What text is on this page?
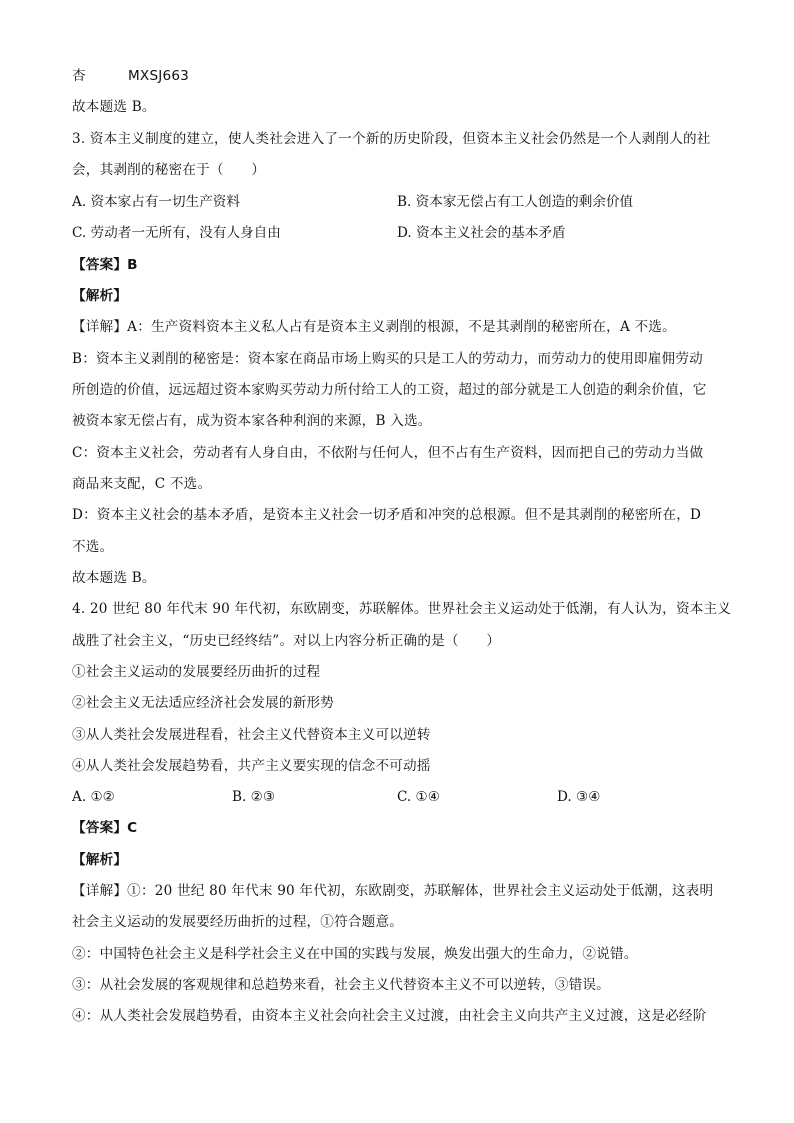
杏	MXSJ663
故本题选 B。
3. 资本主义制度的建立，使人类社会进入了一个新的历史阶段，但资本主义社会仍然是一个人剥削人的社
会，其剥削的秘密在于（　　）
A. 资本家占有一切生产资料	B. 资本家无偿占有工人创造的剩余价值
C. 劳动者一无所有，没有人身自由	D. 资本主义社会的基本矛盾
【答案】B
【解析】
【详解】A：生产资料资本主义私人占有是资本主义剥削的根源，不是其剥削的秘密所在，A 不选。
B：资本主义剥削的秘密是：资本家在商品市场上购买的只是工人的劳动力，而劳动力的使用即雇佣劳动
所创造的价值，远远超过资本家购买劳动力所付给工人的工资，超过的部分就是工人创造的剩余价值，它
被资本家无偿占有，成为资本家各种利润的来源，B 入选。
C：资本主义社会，劳动者有人身自由，不依附与任何人，但不占有生产资料，因而把自己的劳动力当做
商品来支配，C 不选。
D：资本主义社会的基本矛盾，是资本主义社会一切矛盾和冲突的总根源。但不是其剥削的秘密所在，D
不选。
故本题选 B。
4. 20 世纪 80 年代末 90 年代初，东欧剧变，苏联解体。世界社会主义运动处于低潮，有人认为，资本主义
战胜了社会主义，“历史已经终结”。对以上内容分析正确的是（　　）
①社会主义运动的发展要经历曲折的过程
②社会主义无法适应经济社会发展的新形势
③从人类社会发展进程看，社会主义代替资本主义可以逆转
④从人类社会发展趋势看，共产主义要实现的信念不可动摇
A. ①②	B. ②③	C. ①④	D. ③④
【答案】C
【解析】
【详解】①：20 世纪 80 年代末 90 年代初，东欧剧变，苏联解体，世界社会主义运动处于低潮，这表明
社会主义运动的发展要经历曲折的过程，①符合题意。
②：中国特色社会主义是科学社会主义在中国的实践与发展，焕发出强大的生命力，②说错。
③：从社会发展的客观规律和总趋势来看，社会主义代替资本主义不可以逆转，③错误。
④：从人类社会发展趋势看，由资本主义社会向社会主义过渡，由社会主义向共产主义过渡，这是必经阶
